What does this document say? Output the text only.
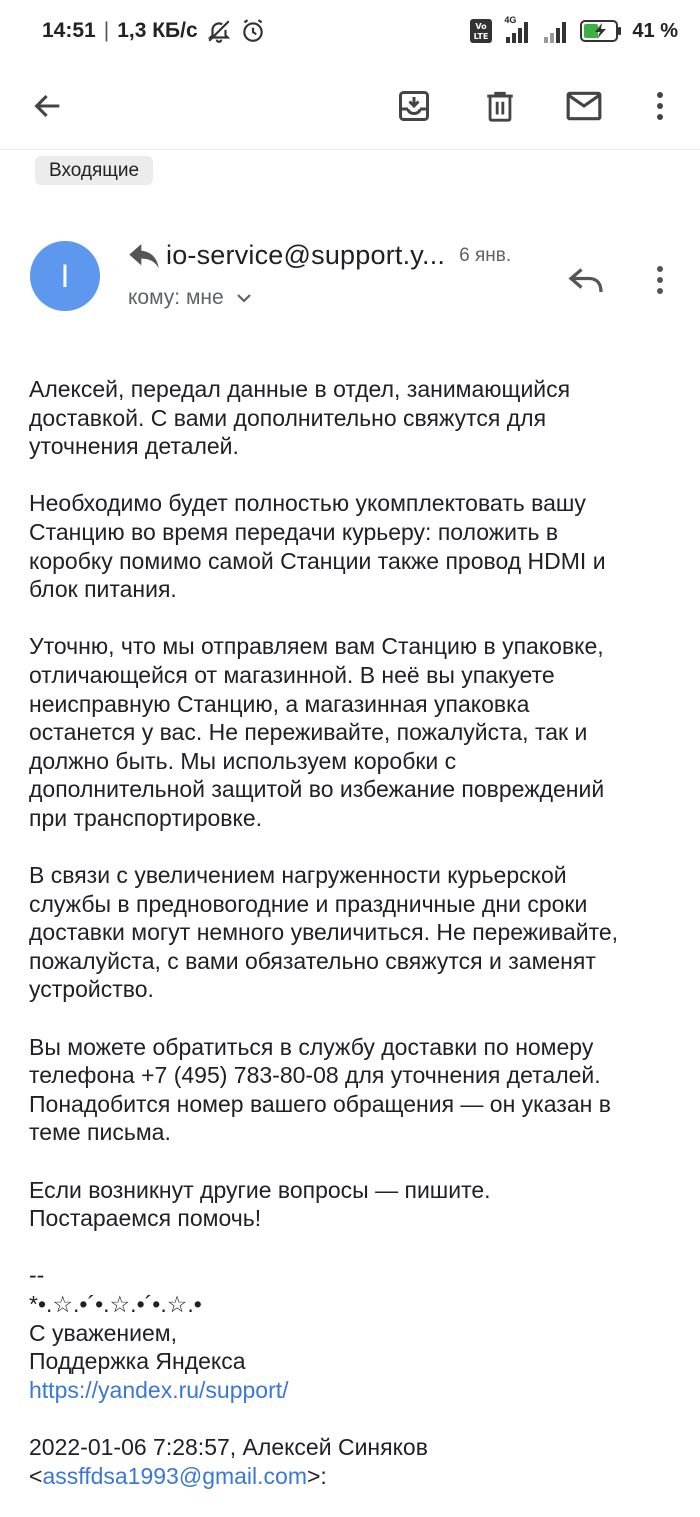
14:51 | 1,3 КБ/с	Vo
LTE
4G	41 %
Входящие
I
io-service@support.y... 6 янв.
кому: мне
Алексей, передал данные в отдел, занимающийся
доставкой. С вами дополнительно свяжутся для
уточнения деталей.
Необходимо будет полностью укомплектовать вашу
Станцию во время передачи курьеру: положить в
коробку помимо самой Станции также провод HDMI и
блок питания.
Уточню, что мы отправляем вам Станцию в упаковке,
отличающейся от магазинной. В неё вы упакуете
неисправную Станцию, а магазинная упаковка
останется у вас. Не переживайте, пожалуйста, так и
должно быть. Мы используем коробки с
дополнительной защитой во избежание повреждений
при транспортировке.
В связи с увеличением нагруженности курьерской
службы в предновогодние и праздничные дни сроки
доставки могут немного увеличиться. Не переживайте,
пожалуйста, с вами обязательно свяжутся и заменят
устройство.
Вы можете обратиться в службу доставки по номеру
телефона +7 (495) 783-80-08 для уточнения деталей.
Понадобится номер вашего обращения — он указан в
теме письма.
Если возникнут другие вопросы — пишите.
Постараемся помочь!
--
*•.☆.•´•.☆.•´•.☆.•
С уважением,
Поддержка Яндекса
https://yandex.ru/support/
2022-01-06 7:28:57, Алексей Синяков
<assffdsa1993@gmail.com>:
